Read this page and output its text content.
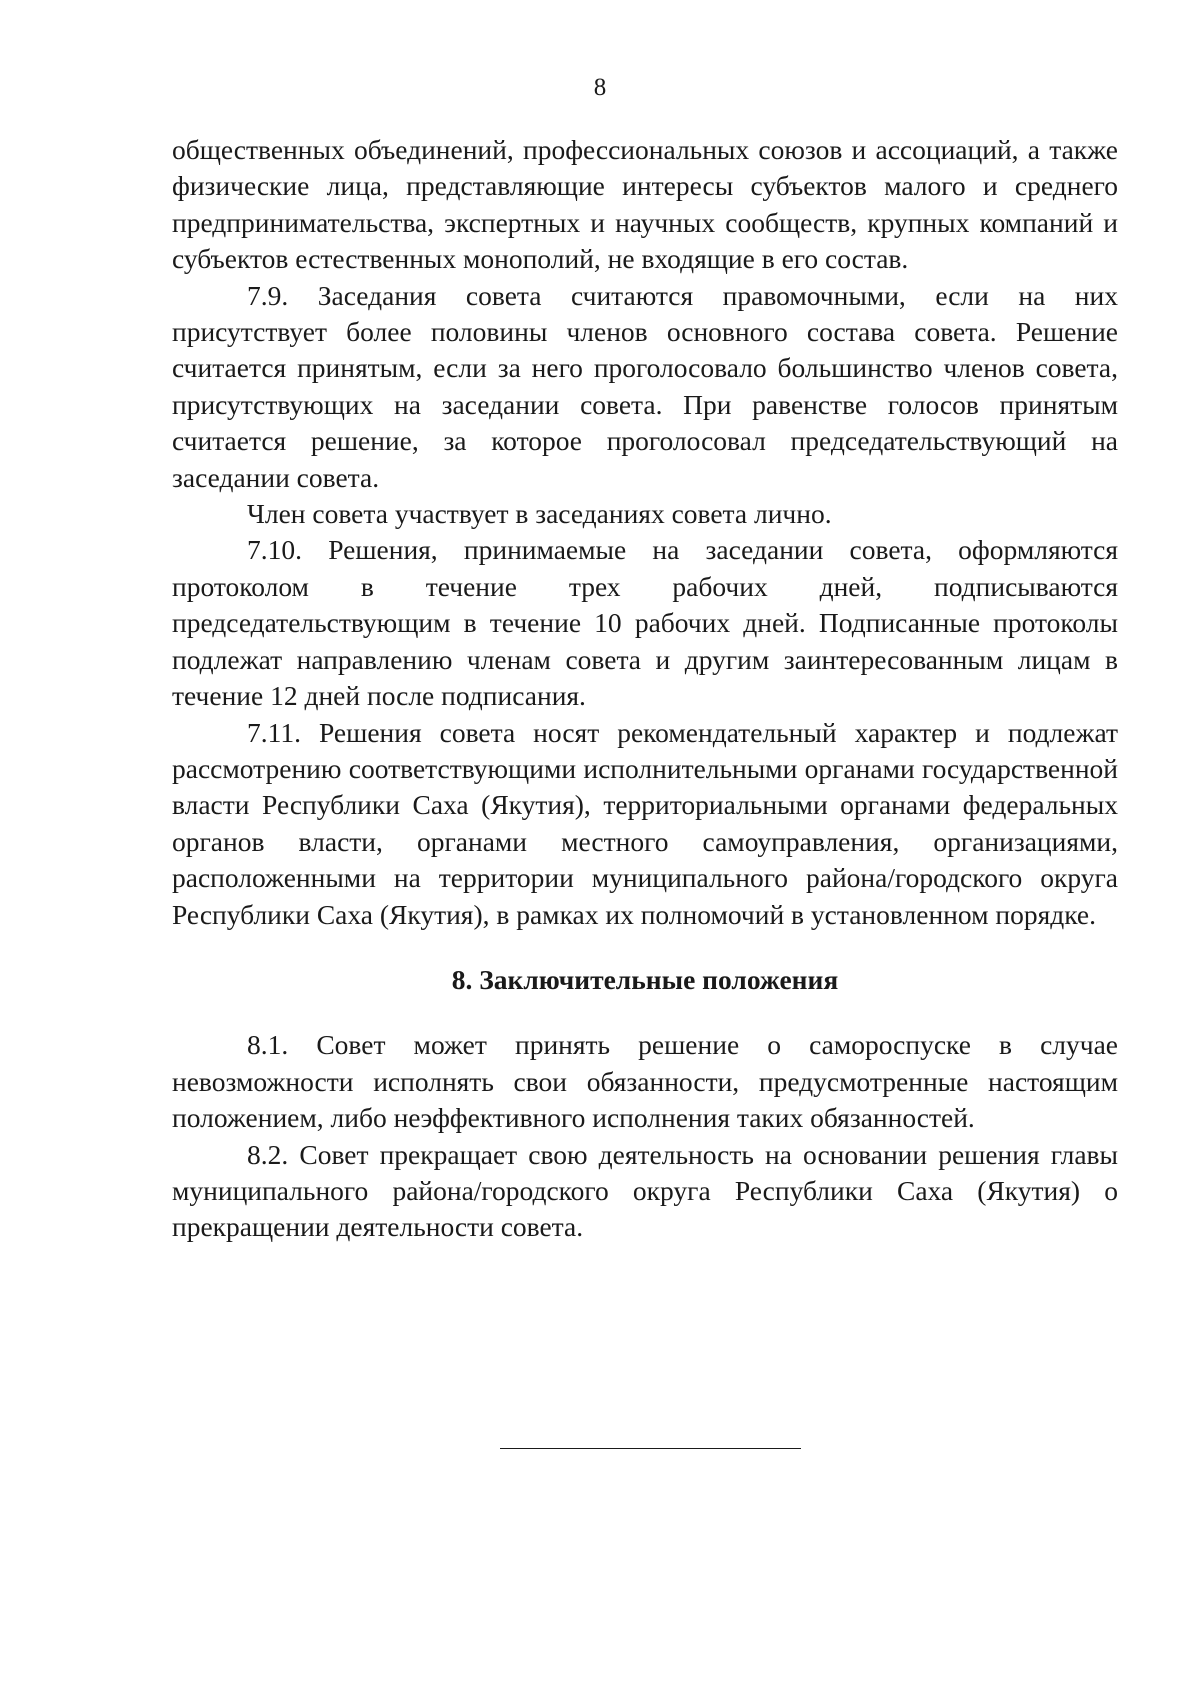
8

общественных объединений, профессиональных союзов и ассоциаций, а также физические лица, представляющие интересы субъектов малого и среднего предпринимательства, экспертных и научных сообществ, крупных компаний и субъектов естественных монополий, не входящие в его состав.

7.9. Заседания совета считаются правомочными, если на них присутствует более половины членов основного состава совета. Решение считается принятым, если за него проголосовало большинство членов совета, присутствующих на заседании совета. При равенстве голосов принятым считается решение, за которое проголосовал председательствующий на заседании совета.

Член совета участвует в заседаниях совета лично.

7.10. Решения, принимаемые на заседании совета, оформляются протоколом в течение трех рабочих дней, подписываются председательствующим в течение 10 рабочих дней. Подписанные протоколы подлежат направлению членам совета и другим заинтересованным лицам в течение 12 дней после подписания.

7.11. Решения совета носят рекомендательный характер и подлежат рассмотрению соответствующими исполнительными органами государственной власти Республики Саха (Якутия), территориальными органами федеральных органов власти, органами местного самоуправления, организациями, расположенными на территории муниципального района/городского округа Республики Саха (Якутия), в рамках их полномочий в установленном порядке.

8. Заключительные положения

8.1. Совет может принять решение о самороспуске в случае невозможности исполнять свои обязанности, предусмотренные настоящим положением, либо неэффективного исполнения таких обязанностей.

8.2. Совет прекращает свою деятельность на основании решения главы муниципального района/городского округа Республики Саха (Якутия) о прекращении деятельности совета.
